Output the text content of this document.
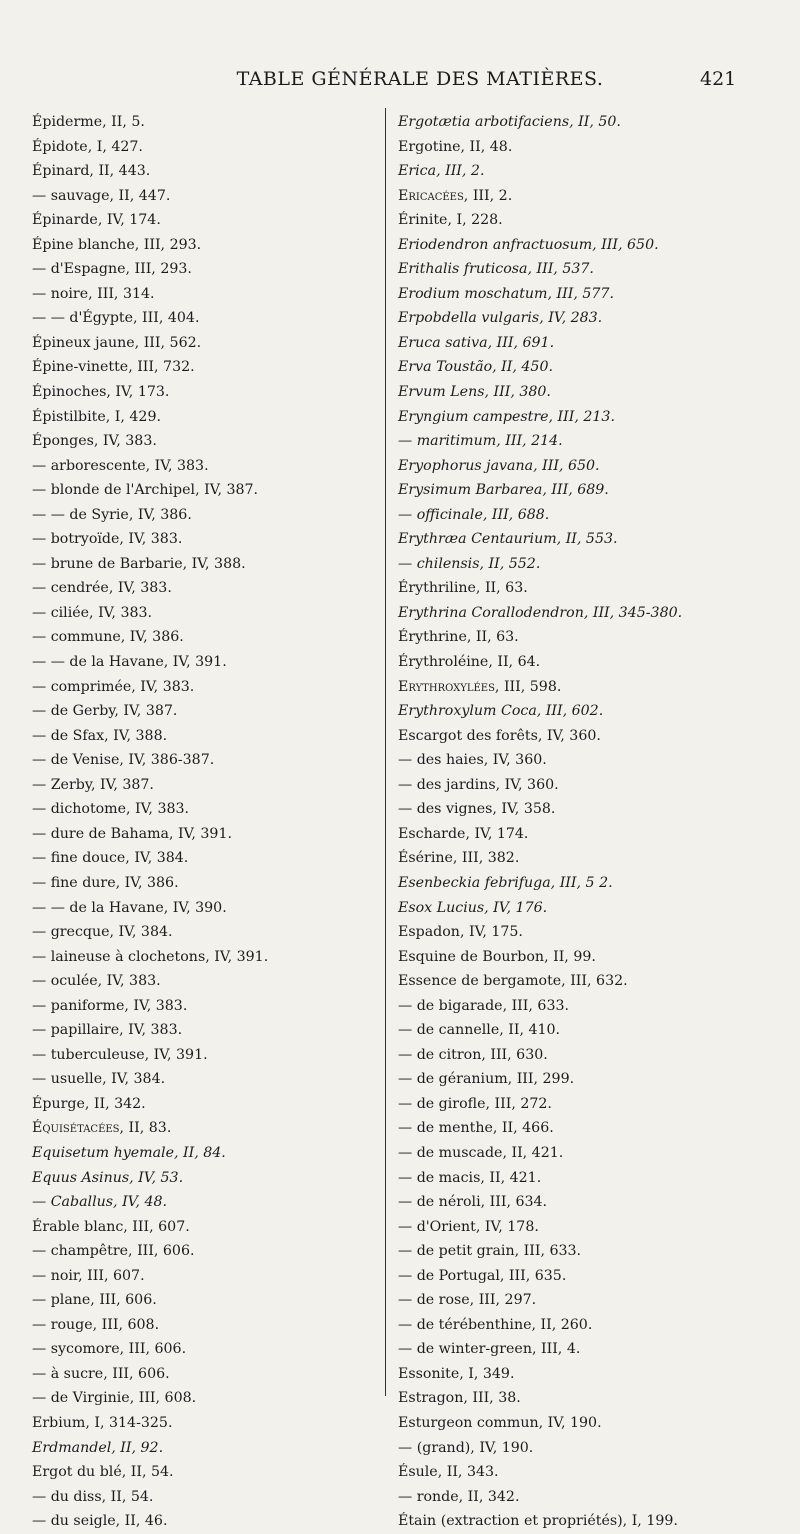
TABLE GÉNÉRALE DES MATIÈRES.	421
Épiderme, II, 5.
Épidote, I, 427.
Épinard, II, 443.
— sauvage, II, 447.
Épinarde, IV, 174.
Épine blanche, III, 293.
— d'Espagne, III, 293.
— noire, III, 314.
— — d'Égypte, III, 404.
Épineux jaune, III, 562.
Épine-vinette, III, 732.
Épinoches, IV, 173.
Épistilbite, I, 429.
Éponges, IV, 383.
— arborescente, IV, 383.
— blonde de l'Archipel, IV, 387.
— — de Syrie, IV, 386.
— botryoïde, IV, 383.
— brune de Barbarie, IV, 388.
— cendrée, IV, 383.
— ciliée, IV, 383.
— commune, IV, 386.
— — de la Havane, IV, 391.
— comprimée, IV, 383.
— de Gerby, IV, 387.
— de Sfax, IV, 388.
— de Venise, IV, 386-387.
— Zerby, IV, 387.
— dichotome, IV, 383.
— dure de Bahama, IV, 391.
— fine douce, IV, 384.
— fine dure, IV, 386.
— — de la Havane, IV, 390.
— grecque, IV, 384.
— laineuse à clochetons, IV, 391.
— oculée, IV, 383.
— paniforme, IV, 383.
— papillaire, IV, 383.
— tuberculeuse, IV, 391.
— usuelle, IV, 384.
Épurge, II, 342.
Équisétacées, II, 83.
Equisetum hyemale, II, 84.
Equus Asinus, IV, 53.
— Caballus, IV, 48.
Érable blanc, III, 607.
— champêtre, III, 606.
— noir, III, 607.
— plane, III, 606.
— rouge, III, 608.
— sycomore, III, 606.
— à sucre, III, 606.
— de Virginie, III, 608.
Erbium, I, 314-325.
Erdmandel, II, 92.
Ergot du blé, II, 54.
— du diss, II, 54.
— du seigle, II, 46.
Ergotætia arbotifaciens, II, 50.
Ergotine, II, 48.
Erica, III, 2.
Ericacées, III, 2.
Érinite, I, 228.
Eriodendron anfractuosum, III, 650.
Erithalis fruticosa, III, 537.
Erodium moschatum, III, 577.
Erpobdella vulgaris, IV, 283.
Eruca sativa, III, 691.
Erva Toustão, II, 450.
Ervum Lens, III, 380.
Eryngium campestre, III, 213.
— maritimum, III, 214.
Eryophorus javana, III, 650.
Erysimum Barbarea, III, 689.
— officinale, III, 688.
Erythræa Centaurium, II, 553.
— chilensis, II, 552.
Érythriline, II, 63.
Erythrina Corallodendron, III, 345-380.
Érythrine, II, 63.
Érythroléine, II, 64.
Erythroxylées, III, 598.
Erythroxylum Coca, III, 602.
Escargot des forêts, IV, 360.
— des haies, IV, 360.
— des jardins, IV, 360.
— des vignes, IV, 358.
Escharde, IV, 174.
Ésérine, III, 382.
Esenbeckia febrifuga, III, 5 2.
Esox Lucius, IV, 176.
Espadon, IV, 175.
Esquine de Bourbon, II, 99.
Essence de bergamote, III, 632.
— de bigarade, III, 633.
— de cannelle, II, 410.
— de citron, III, 630.
— de géranium, III, 299.
— de girofle, III, 272.
— de menthe, II, 466.
— de muscade, II, 421.
— de macis, II, 421.
— de néroli, III, 634.
— d'Orient, IV, 178.
— de petit grain, III, 633.
— de Portugal, III, 635.
— de rose, III, 297.
— de térébenthine, II, 260.
— de winter-green, III, 4.
Essonite, I, 349.
Estragon, III, 38.
Esturgeon commun, IV, 190.
— (grand), IV, 190.
Ésule, II, 343.
— ronde, II, 342.
Étain (extraction et propriétés), I, 199.
